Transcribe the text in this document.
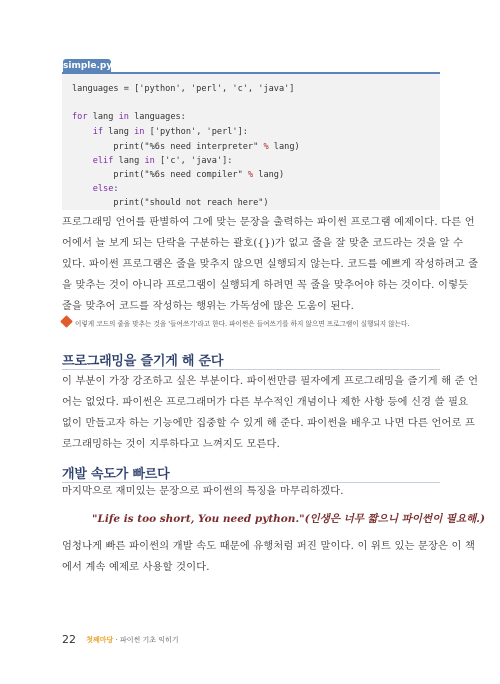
simple.py
languages = ['python', 'perl', 'c', 'java']
for lang in languages:
if lang in ['python', 'perl']:
print("%6s need interpreter" % lang)
elif lang in ['c', 'java']:
print("%6s need compiler" % lang)
else:
print("should not reach here")
프로그래밍 언어를 판별하여 그에 맞는 문장을 출력하는 파이썬 프로그램 예제이다. 다른 언
어에서 늘 보게 되는 단락을 구분하는 괄호({})가 없고 줄을 잘 맞춘 코드라는 것을 알 수
있다. 파이썬 프로그램은 줄을 맞추지 않으면 실행되지 않는다. 코드를 예쁘게 작성하려고 줄
을 맞추는 것이 아니라 프로그램이 실행되게 하려면 꼭 줄을 맞추어야 하는 것이다. 이렇듯
줄을 맞추어 코드를 작성하는 행위는 가독성에 많은 도움이 된다.
이렇게 코드의 줄을 맞추는 것을 '들여쓰기'라고 한다. 파이썬은 들여쓰기를 하지 않으면 프로그램이 실행되지 않는다.
프로그래밍을 즐기게 해 준다
이 부분이 가장 강조하고 싶은 부분이다. 파이썬만큼 필자에게 프로그래밍을 즐기게 해 준 언
어는 없었다. 파이썬은 프로그래머가 다른 부수적인 개념이나 제한 사항 등에 신경 쓸 필요
없이 만들고자 하는 기능에만 집중할 수 있게 해 준다. 파이썬을 배우고 나면 다른 언어로 프
로그래밍하는 것이 지루하다고 느껴지도 모른다.
개발 속도가 빠르다
마지막으로 재미있는 문장으로 파이썬의 특징을 마무리하겠다.
"Life is too short, You need python."(인생은 너무 짧으니 파이썬이 필요해.)
엄청나게 빠른 파이썬의 개발 속도 때문에 유행처럼 퍼진 말이다. 이 위트 있는 문장은 이 책
에서 계속 예제로 사용할 것이다.
22 첫째마당 · 파이썬 기초 익히기
